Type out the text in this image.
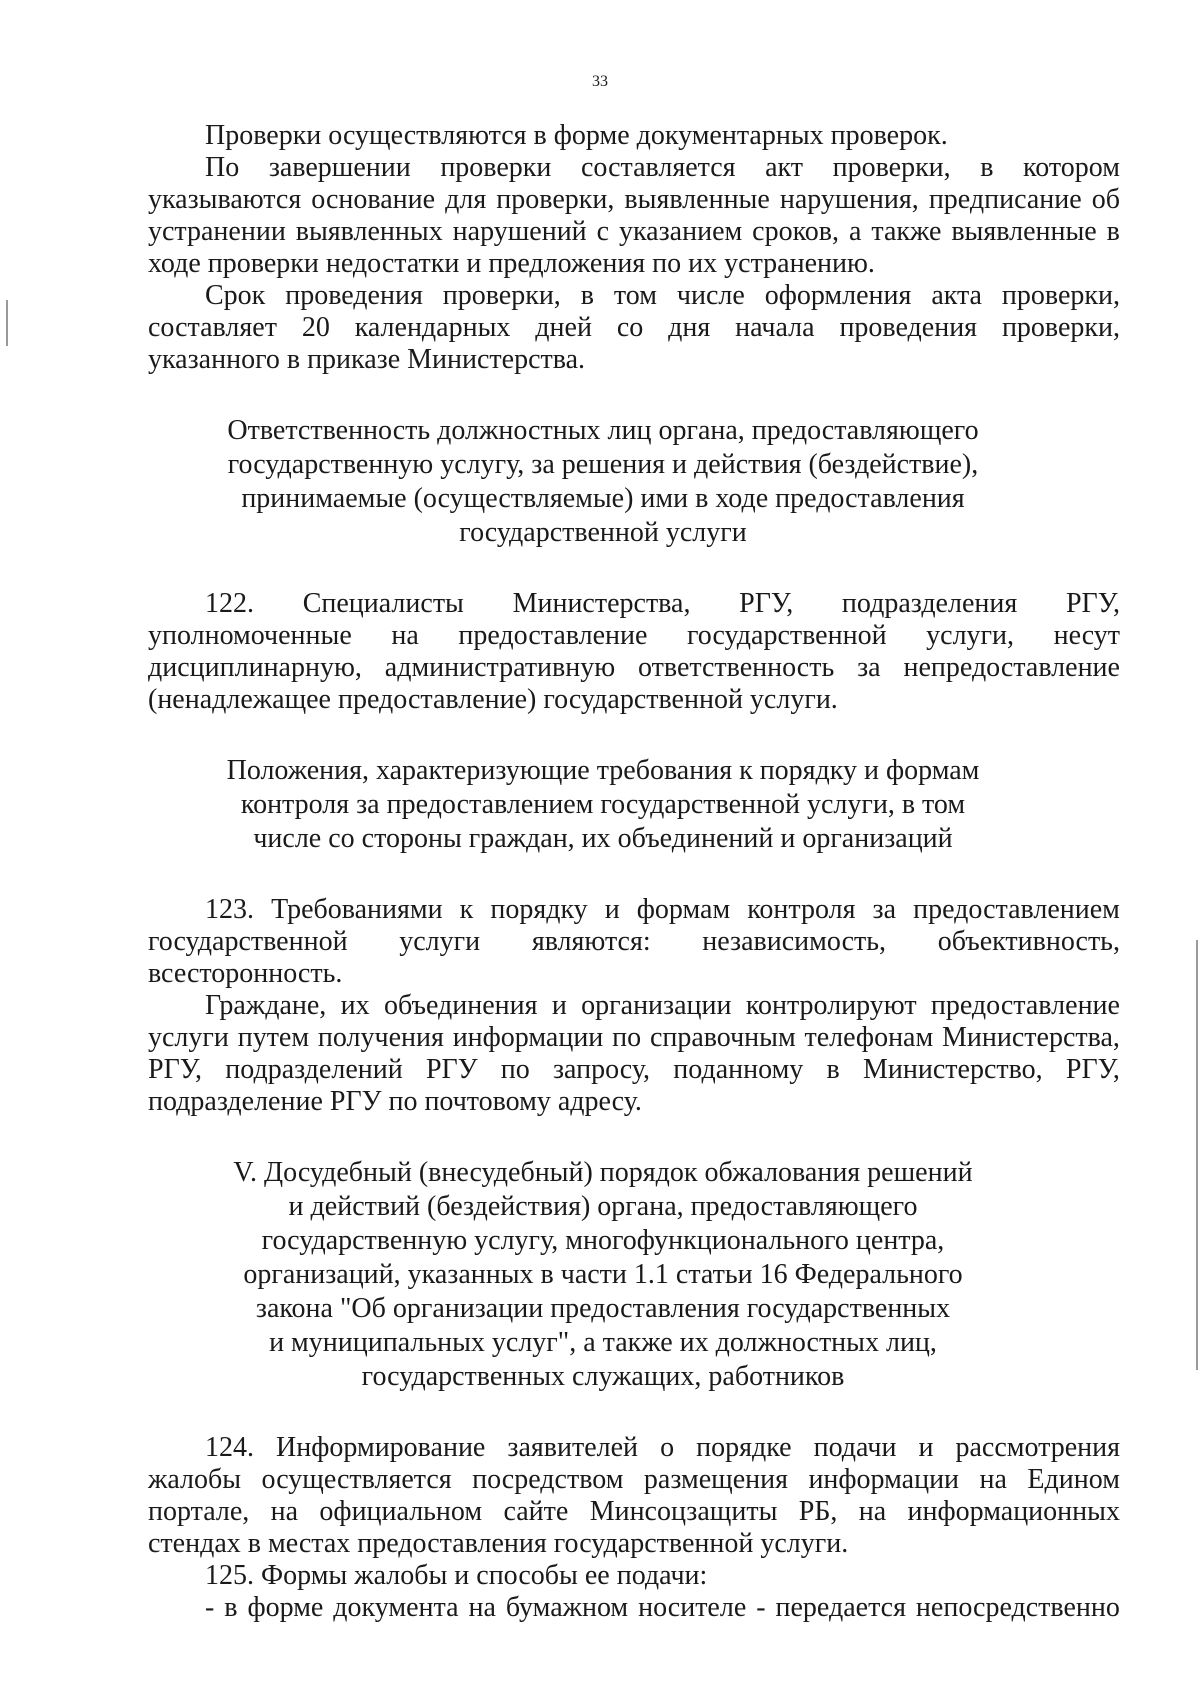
33
Проверки осуществляются в форме документарных проверок.
По завершении проверки составляется акт проверки, в котором
указываются основание для проверки, выявленные нарушения, предписание об
устранении выявленных нарушений с указанием сроков, а также выявленные в
ходе проверки недостатки и предложения по их устранению.
Срок проведения проверки, в том числе оформления акта проверки,
составляет 20 календарных дней со дня начала проведения проверки,
указанного в приказе Министерства.
Ответственность должностных лиц органа, предоставляющего
государственную услугу, за решения и действия (бездействие),
принимаемые (осуществляемые) ими в ходе предоставления
государственной услуги
122. Специалисты Министерства, РГУ, подразделения РГУ,
уполномоченные на предоставление государственной услуги, несут
дисциплинарную, административную ответственность за непредоставление
(ненадлежащее предоставление) государственной услуги.
Положения, характеризующие требования к порядку и формам
контроля за предоставлением государственной услуги, в том
числе со стороны граждан, их объединений и организаций
123. Требованиями к порядку и формам контроля за предоставлением
государственной услуги являются: независимость, объективность,
всесторонность.
Граждане, их объединения и организации контролируют предоставление
услуги путем получения информации по справочным телефонам Министерства,
РГУ, подразделений РГУ по запросу, поданному в Министерство, РГУ,
подразделение РГУ по почтовому адресу.
V. Досудебный (внесудебный) порядок обжалования решений
и действий (бездействия) органа, предоставляющего
государственную услугу, многофункционального центра,
организаций, указанных в части 1.1 статьи 16 Федерального
закона "Об организации предоставления государственных
и муниципальных услуг", а также их должностных лиц,
государственных служащих, работников
124. Информирование заявителей о порядке подачи и рассмотрения
жалобы осуществляется посредством размещения информации на Едином
портале, на официальном сайте Минсоцзащиты РБ, на информационных
стендах в местах предоставления государственной услуги.
125. Формы жалобы и способы ее подачи:
- в форме документа на бумажном носителе - передается непосредственно
